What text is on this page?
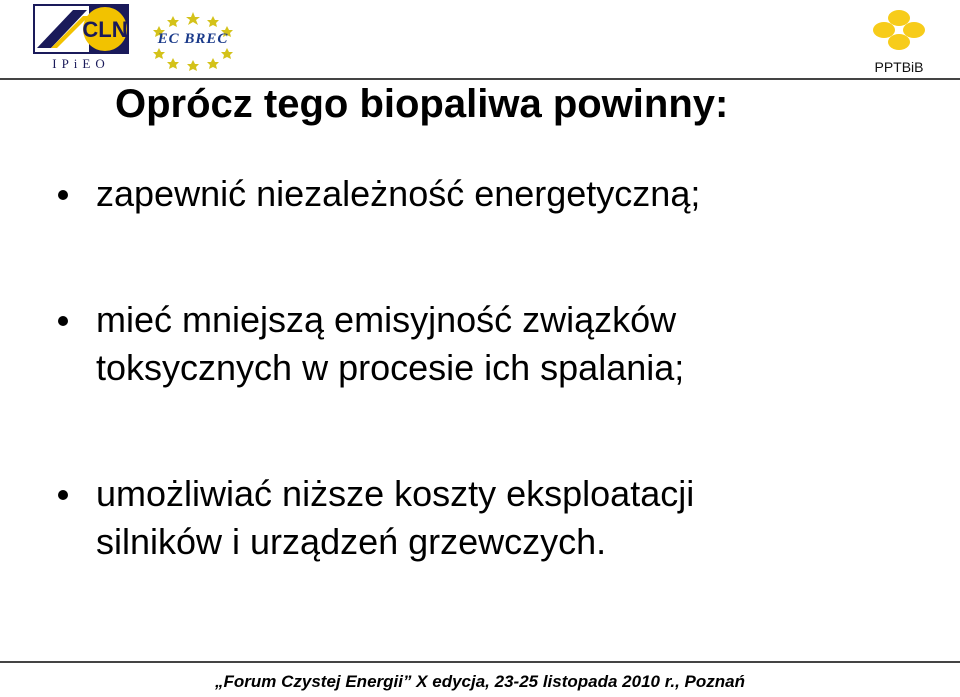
CLN
IPiEO
EC BREC
PPTBiB
Oprócz tego biopaliwa powinny:
zapewnić niezależność energetyczną;
mieć mniejszą emisyjność związków
toksycznych w procesie ich spalania;
umożliwiać niższe koszty eksploatacji
silników i urządzeń grzewczych.
„Forum Czystej Energii” X edycja, 23-25 listopada 2010 r., Poznań
